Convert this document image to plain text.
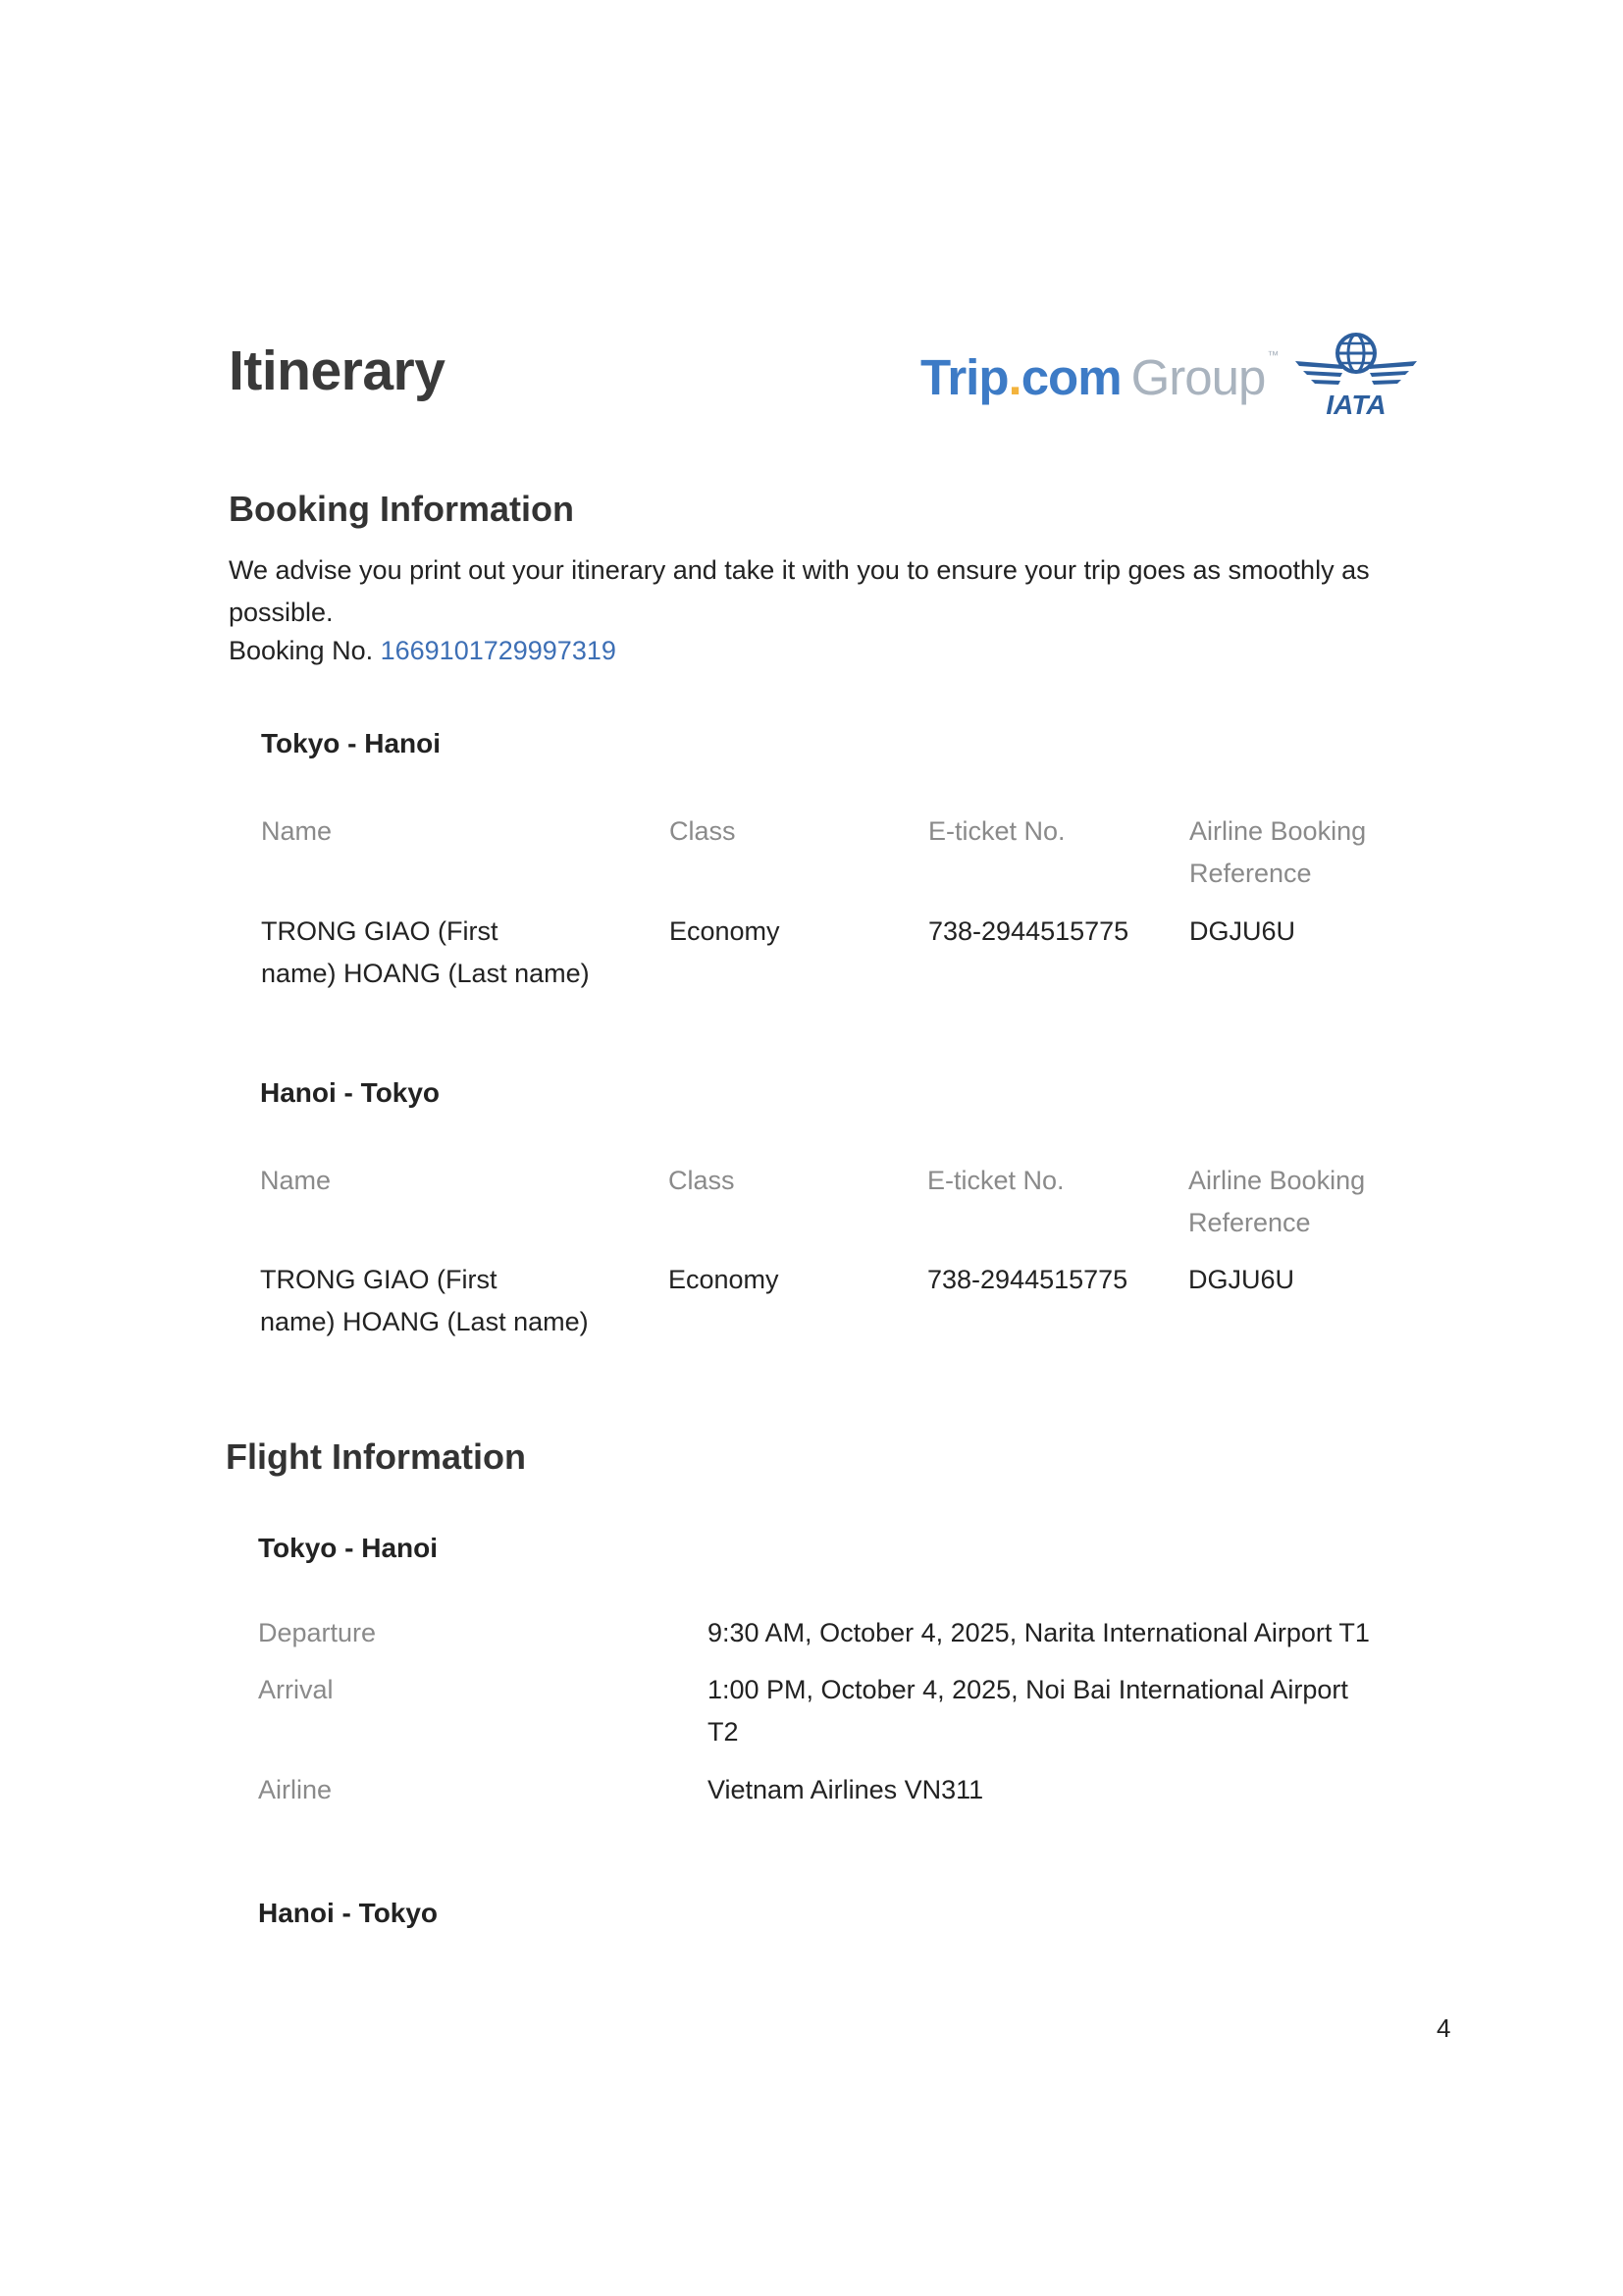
Itinerary	Trip.com Group ™
IATA
Booking Information
We advise you print out your itinerary and take it with you to ensure your trip goes as smoothly as possible.
Booking No. 1669101729997319
Tokyo - Hanoi
Name	Class	E-ticket No.	Airline Booking
Reference
TRONG GIAO (First
name) HOANG (Last name)
Economy	738-2944515775 DGJU6U
Hanoi - Tokyo
Name	Class	E-ticket No.	Airline Booking
Reference
TRONG GIAO (First
name) HOANG (Last name)
Economy	738-2944515775 DGJU6U
Flight Information
Tokyo - Hanoi
Departure	9:30 AM, October 4, 2025, Narita International Airport T1
Arrival	1:00 PM, October 4, 2025, Noi Bai International Airport
T2
Airline	Vietnam Airlines VN311
Hanoi - Tokyo
4
